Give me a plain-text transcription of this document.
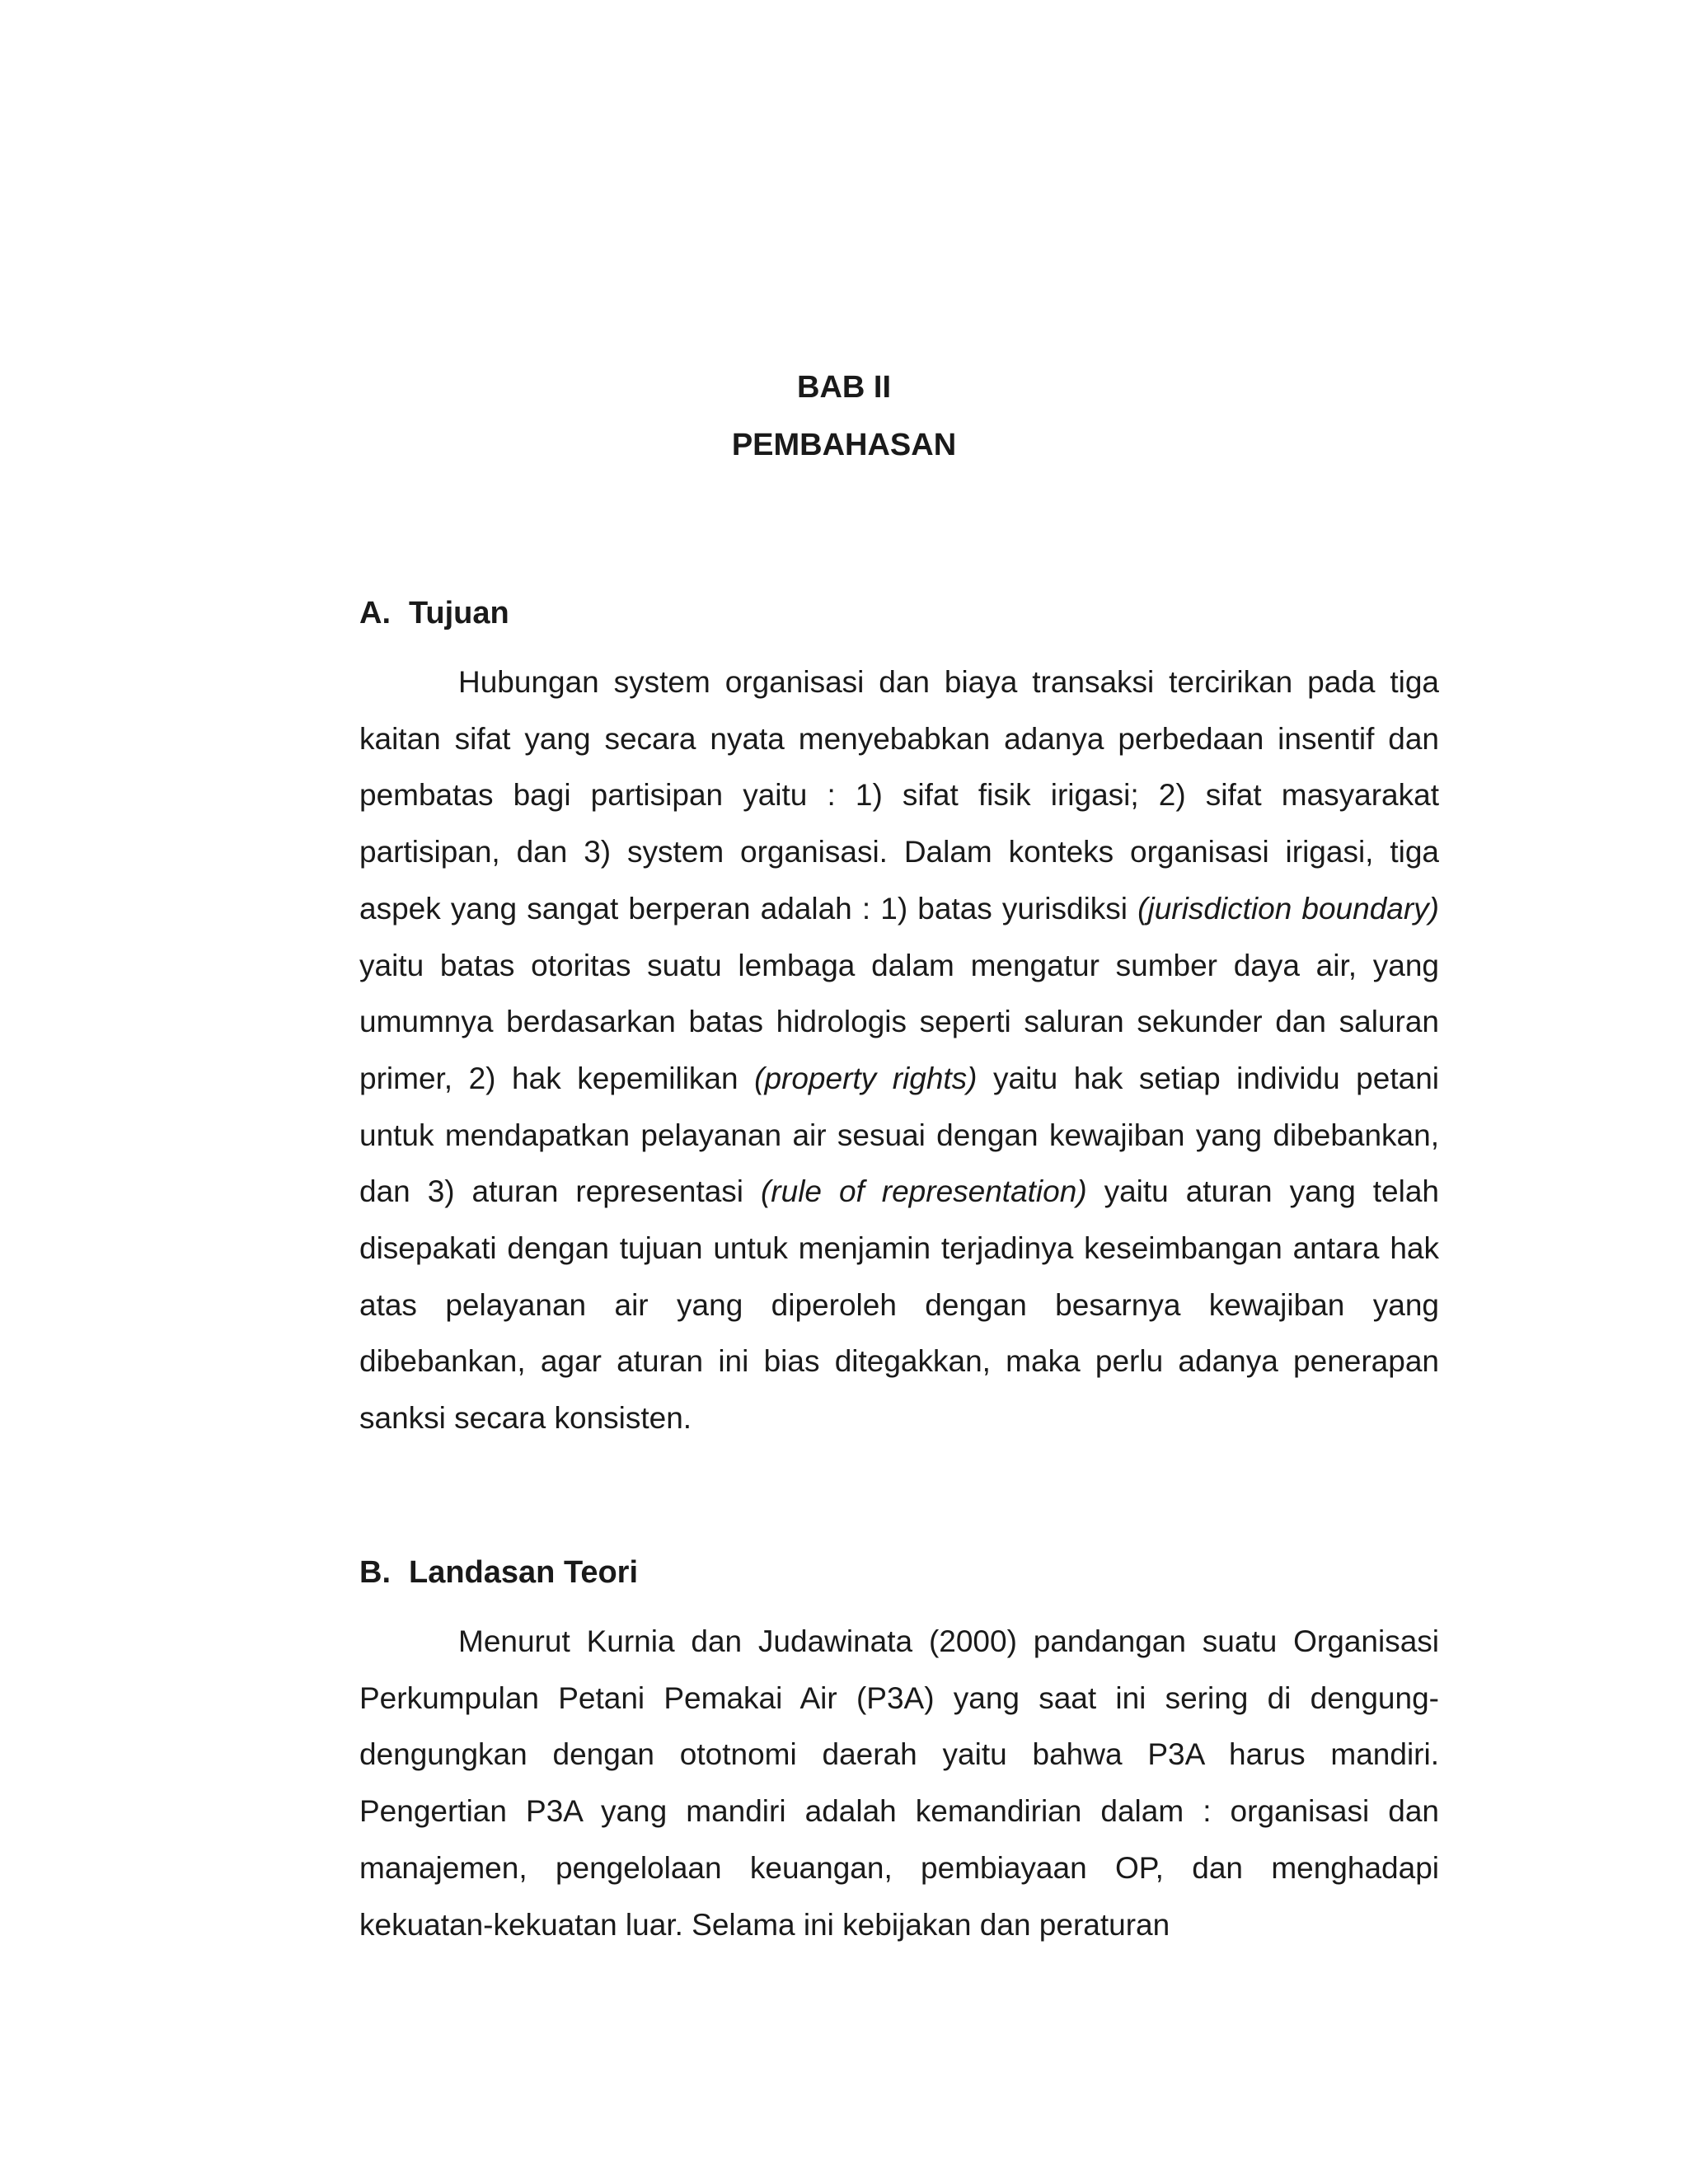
BAB II
PEMBAHASAN
A. Tujuan

Hubungan system organisasi dan biaya transaksi tercirikan pada tiga kaitan sifat yang secara nyata menyebabkan adanya perbedaan insentif dan pembatas bagi partisipan yaitu : 1) sifat fisik irigasi; 2) sifat masyarakat partisipan, dan 3) system organisasi. Dalam konteks organisasi irigasi, tiga aspek yang sangat berperan adalah : 1) batas yurisdiksi (jurisdiction boundary) yaitu batas otoritas suatu lembaga dalam mengatur sumber daya air, yang umumnya berdasarkan batas hidrologis seperti saluran sekunder dan saluran primer, 2) hak kepemilikan (property rights) yaitu hak setiap individu petani untuk mendapatkan pelayanan air sesuai dengan kewajiban yang dibebankan, dan 3) aturan representasi (rule of representation) yaitu aturan yang telah disepakati dengan tujuan untuk menjamin terjadinya keseimbangan antara hak atas pelayanan air yang diperoleh dengan besarnya kewajiban yang dibebankan, agar aturan ini bias ditegakkan, maka perlu adanya penerapan sanksi secara konsisten.

B. Landasan Teori

Menurut Kurnia dan Judawinata (2000) pandangan suatu Organisasi Perkumpulan Petani Pemakai Air (P3A) yang saat ini sering di dengung-dengungkan dengan ototnomi daerah yaitu bahwa P3A harus mandiri. Pengertian P3A yang mandiri adalah kemandirian dalam : organisasi dan manajemen, pengelolaan keuangan, pembiayaan OP, dan menghadapi kekuatan-kekuatan luar. Selama ini kebijakan dan peraturan
